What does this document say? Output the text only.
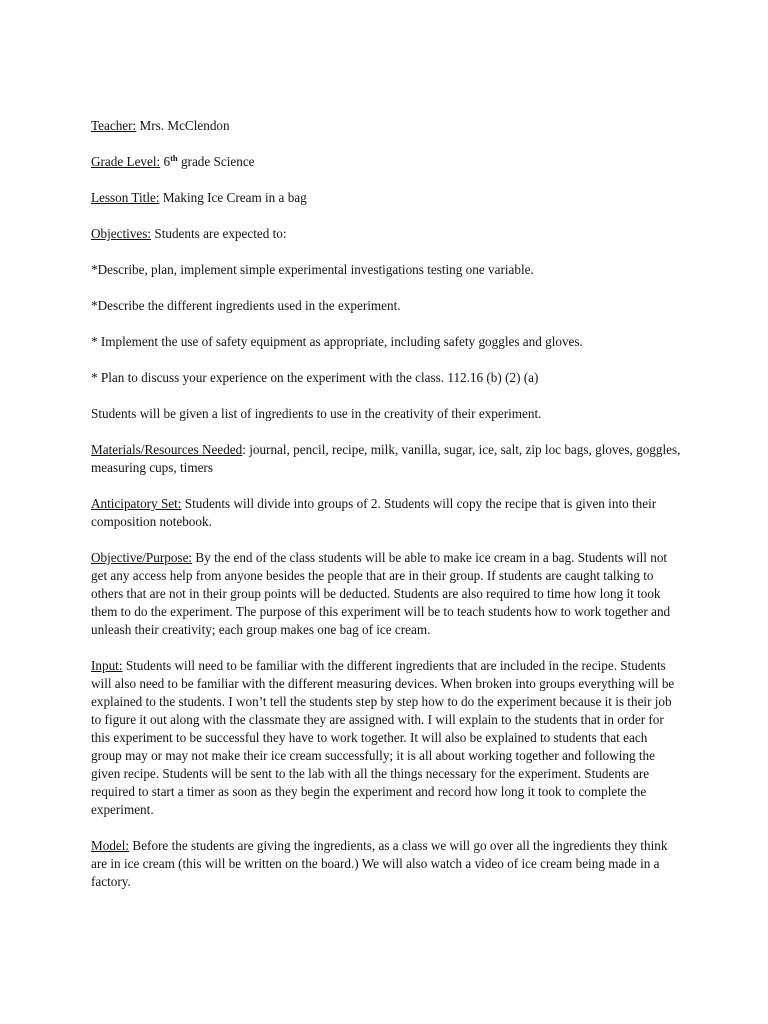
Teacher: Mrs. McClendon

Grade Level: 6th grade Science

Lesson Title: Making Ice Cream in a bag

Objectives: Students are expected to:

*Describe, plan, implement simple experimental investigations testing one variable.

*Describe the different ingredients used in the experiment.

* Implement the use of safety equipment as appropriate, including safety goggles and gloves.

* Plan to discuss your experience on the experiment with the class. 112.16 (b) (2) (a)

Students will be given a list of ingredients to use in the creativity of their experiment.

Materials/Resources Needed: journal, pencil, recipe, milk, vanilla, sugar, ice, salt, zip loc bags, gloves, goggles, measuring cups, timers

Anticipatory Set: Students will divide into groups of 2. Students will copy the recipe that is given into their composition notebook.

Objective/Purpose: By the end of the class students will be able to make ice cream in a bag. Students will not get any access help from anyone besides the people that are in their group. If students are caught talking to others that are not in their group points will be deducted. Students are also required to time how long it took them to do the experiment. The purpose of this experiment will be to teach students how to work together and unleash their creativity; each group makes one bag of ice cream.

Input: Students will need to be familiar with the different ingredients that are included in the recipe. Students will also need to be familiar with the different measuring devices. When broken into groups everything will be explained to the students. I won’t tell the students step by step how to do the experiment because it is their job to figure it out along with the classmate they are assigned with. I will explain to the students that in order for this experiment to be successful they have to work together. It will also be explained to students that each group may or may not make their ice cream successfully; it is all about working together and following the given recipe. Students will be sent to the lab with all the things necessary for the experiment. Students are required to start a timer as soon as they begin the experiment and record how long it took to complete the experiment.

Model: Before the students are giving the ingredients, as a class we will go over all the ingredients they think are in ice cream (this will be written on the board.) We will also watch a video of ice cream being made in a factory.
